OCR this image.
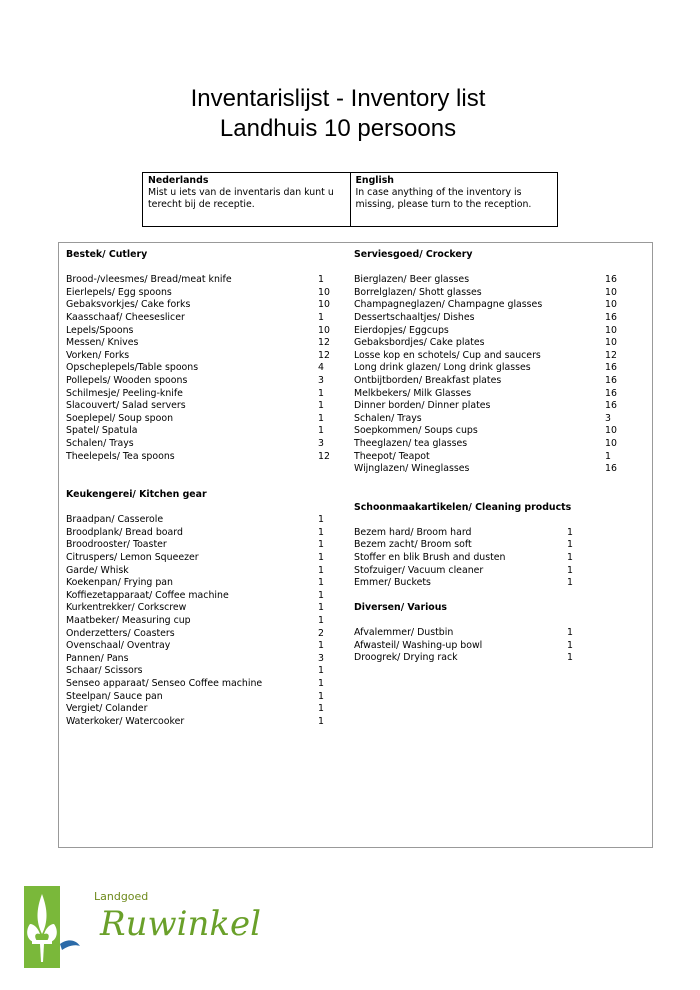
Inventarislijst - Inventory list
Landhuis 10 persoons
Nederlands
Mist u iets van de inventaris dan kunt u
terecht bij de receptie.
English
In case anything of the inventory is
missing, please turn to the reception.
Bestek/ Cutlery
Brood-/vleesmes/ Bread/meat knife	1
Eierlepels/ Egg spoons	10
Gebaksvorkjes/ Cake forks	10
Kaasschaaf/ Cheeseslicer	1
Lepels/Spoons	10
Messen/ Knives	12
Vorken/ Forks	12
Opscheplepels/Table spoons	4
Pollepels/ Wooden spoons	3
Schilmesje/ Peeling-knife	1
Slacouvert/ Salad servers	1
Soeplepel/ Soup spoon	1
Spatel/ Spatula	1
Schalen/ Trays	3
Theelepels/ Tea spoons	12
Keukengerei/ Kitchen gear
Braadpan/ Casserole	1
Broodplank/ Bread board	1
Broodrooster/ Toaster	1
Citruspers/ Lemon Squeezer	1
Garde/ Whisk	1
Koekenpan/ Frying pan	1
Koffiezetapparaat/ Coffee machine	1
Kurkentrekker/ Corkscrew	1
Maatbeker/ Measuring cup	1
Onderzetters/ Coasters	2
Ovenschaal/ Oventray	1
Pannen/ Pans	3
Schaar/ Scissors	1
Senseo apparaat/ Senseo Coffee machine	1
Steelpan/ Sauce pan	1
Vergiet/ Colander	1
Waterkoker/ Watercooker	1
Serviesgoed/ Crockery
Bierglazen/ Beer glasses	16
Borrelglazen/ Shott glasses	10
Champagneglazen/ Champagne glasses	10
Dessertschaaltjes/ Dishes	16
Eierdopjes/ Eggcups	10
Gebaksbordjes/ Cake plates	10
Losse kop en schotels/ Cup and saucers	12
Long drink glazen/ Long drink glasses	16
Ontbijtborden/ Breakfast plates	16
Melkbekers/ Milk Glasses	16
Dinner borden/ Dinner plates	16
Schalen/ Trays	3
Soepkommen/ Soups cups	10
Theeglazen/ tea glasses	10
Theepot/ Teapot	1
Wijnglazen/ Wineglasses	16
Schoonmaakartikelen/ Cleaning products
Bezem hard/ Broom hard	1
Bezem zacht/ Broom soft	1
Stoffer en blik Brush and dusten	1
Stofzuiger/ Vacuum cleaner	1
Emmer/ Buckets	1
Diversen/ Various
Afvalemmer/ Dustbin	1
Afwasteil/ Washing-up bowl	1
Droogrek/ Drying rack	1
Landgoed
Ruwinkel
